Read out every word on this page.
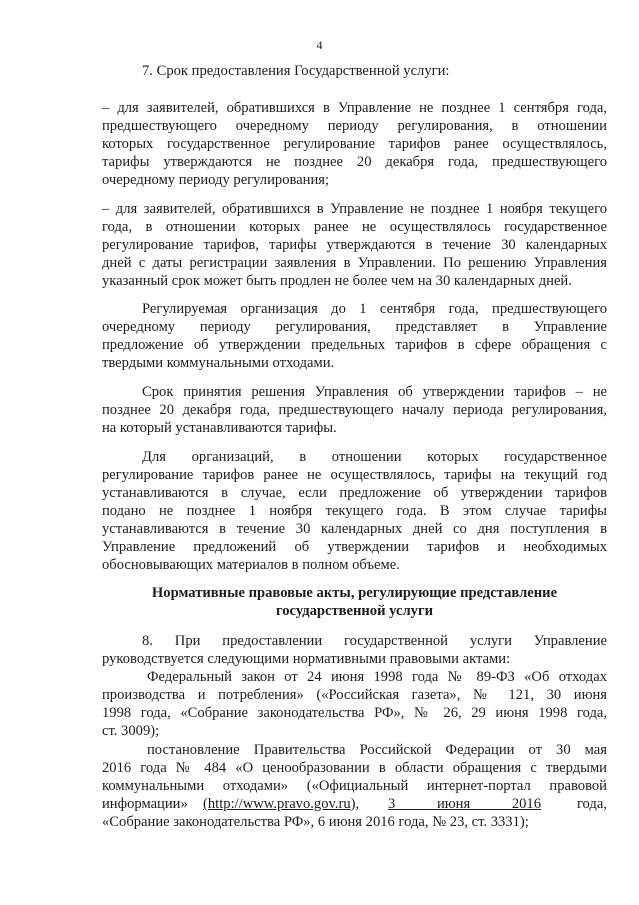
4
7. Срок предоставления Государственной услуги:
– для заявителей, обратившихся в Управление не позднее 1 сентября года,
предшествующего очередному периоду регулирования, в отношении
которых государственное регулирование тарифов ранее осуществлялось,
тарифы утверждаются не позднее 20 декабря года, предшествующего
очередному периоду регулирования;
– для заявителей, обратившихся в Управление не позднее 1 ноября текущего
года, в отношении которых ранее не осуществлялось государственное
регулирование тарифов, тарифы утверждаются в течение 30 календарных
дней с даты регистрации заявления в Управлении. По решению Управления
указанный срок может быть продлен не более чем на 30 календарных дней.
Регулируемая организация до 1 сентября года, предшествующего
очередному периоду регулирования, представляет в Управление
предложение об утверждении предельных тарифов в сфере обращения с
твердыми коммунальными отходами.
Срок принятия решения Управления об утверждении тарифов – не
позднее 20 декабря года, предшествующего началу периода регулирования,
на который устанавливаются тарифы.
Для организаций, в отношении которых государственное
регулирование тарифов ранее не осуществлялось, тарифы на текущий год
устанавливаются в случае, если предложение об утверждении тарифов
подано не позднее 1 ноября текущего года. В этом случае тарифы
устанавливаются в течение 30 календарных дней со дня поступления в
Управление предложений об утверждении тарифов и необходимых
обосновывающих материалов в полном объеме.
Нормативные правовые акты, регулирующие представление
государственной услуги
8. При предоставлении государственной услуги Управление
руководствуется следующими нормативными правовыми актами:
Федеральный закон от 24 июня 1998 года № 89-ФЗ «Об отходах
производства и потребления» («Российская газета», № 121, 30 июня
1998 года, «Собрание законодательства РФ», № 26, 29 июня 1998 года,
ст. 3009);
постановление Правительства Российской Федерации от 30 мая
2016 года № 484 «О ценообразовании в области обращения с твердыми
коммунальными отходами» («Официальный интернет-портал правовой
информации» (http://www.pravo.gov.ru), 3 июня 2016 года,
«Собрание законодательства РФ», 6 июня 2016 года, № 23, ст. 3331);
